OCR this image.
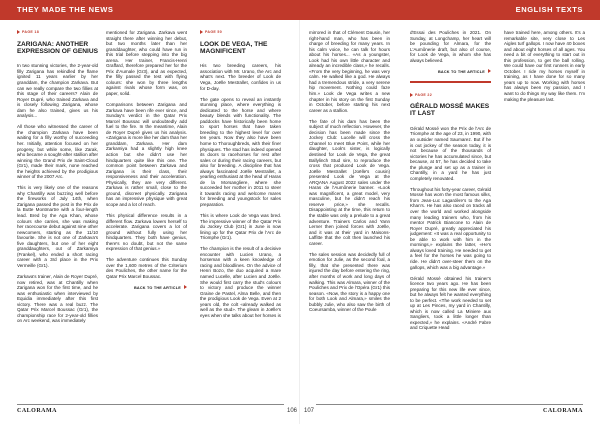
THEY MADE THE NEWS	ENGLISH TEXTS
PAGE 18
ZARIGANA: ANOTHER EXPRESSION OF GENIUS

In two stunning victories, the 2-year-old filly Zarigana has rekindled the flame ignited 11 years earlier by her granddam, the champion Zarkava. But can we really compare the two fillies at this stage of their careers? Alain de Royer Dupré, who trained Zarkava and is closely following Zarigana, whose dam he also trained, gives us his analysis...

All those who witnessed the career of the champion Zarkava have been waiting for a filly worthy of succeeding her. Initially, attention focused on her progeny, but while some, like Zarak, who became a sought-after stallion after winning the Grand Prix de Saint-Cloud (Gr1), made their mark, none reached the heights achieved by the prodigious winner of the 2007 Arc.

This is very likely one of the reasons why Chantilly was buzzing well before the fireworks of July 14th, when Zarigana passed the post in the Prix de la Butte Montmartre with a four-length lead. Bred by the Aga Khan, whose colours she carries, she was making her racecourse debut against nine other newcomers, starting as the 11/10 favourite. She is not one of Zarkava's five daughters, but one of her eight granddaughters, out of Zarkamiya (Frankel), who ended a short racing career with a 3rd place in the Prix Vermeille (Gr1).

Zarkava's trainer, Alain de Royer Dupré, now retired, was at Chantilly when Zarigana won for the first time, and he was enthusiastic when interviewed by Equidia immediately after this first victory. There was a real buzz. The Qatar Prix Marcel Boussac (Gr1), the championship race for 2-year-old fillies on Arc weekend, was immediately

mentioned for Zarigana. Zarkava went straight there after winning her debut, but two months later than her granddaughter, who could have run in this trial before stepping into the big arena. Her trainer, Francis-Henri Graffard, therefore prepared her for the Prix d'Aumale (Gr3), and as expected, the filly passed the test with flying colours: she won by three lengths against rivals whose form was, on paper, solid.

Comparisons between Zarigana and Zarkava have been rife ever since, and Sunday's verdict in the Qatar Prix Marcel Boussac will undoubtedly add fuel to the fire. In the meantime, Alain de Royer Dupré gives us his analysis. «Zarigana is more like her dam than her granddam, Zarkava. Her dam Zarkamiya had a slightly high knee action but she didn't use her hindquarters quite like this one. The common point between Zarkava and Zarigana is their class, their responsiveness and their acceleration. Physically, they are very different. Zarkava is rather small, close to the ground, discreet physically. Zarigana has an impressive physique with great scope and a lot of reach.

This physical difference results in a different flow. Zarkava lowers herself to accelerate. Zarigana covers a lot of ground without fully using her hindquarters. They both have genius, there's no doubt, but not the same expression of that genius.»

The adventure continues this Sunday over the 1,600 metres of the Criterium des Pouliches, the other name for the Qatar Prix Marcel Boussac.

BACK TO THE ARTICLE
PAGE 50
LOOK DE VEGA, THE MAGNIFICENT

His two breeding careers, his association with Mr. Urano, the Arc and what's next. The breeder of Look de Vega, Joëlle Mestrallet, confides in us for D-day.

The gate opens to reveal an instantly stunning place, where everything is dedicated to the horse and where beauty blends with functionality. The paddocks have historically been home to sport horses that have taken breeding to the highest level for over ten years. Now they also have been home to Thoroughbreds, with their finer physiques. The stud has indeed opened its doors to racehorses for rest after sales or during their racing careers, but also for breeding. A discipline that has always fascinated Joëlle Mestrallet, a yearling enthusiast at the head of Haras de la Morsangliere, where she succeeded her mother in 2011 to steer it towards racing and welcome mares for breeding and youngstock for sales preparation.

This is where Look de Vega was bred. The impressive winner of the Qatar Prix du Jockey Club (Gr1) in June is now lining up for the Qatar Prix de l'Arc de Triomphe (Gr1).

The champion is the result of a decisive encounter with Lucien Urano, a horseman with a keen knowledge of racing and bloodlines. On the advice of Henri Bozo, the duo acquired a mare named Lucelle, after Lucien and Joëlle. She would first carry the stud's colours to victory and produce the winner Graine de Pastel, Alma Belle, and then the prodigious Look de Vega. Even at 2 years old, the colt «already walked as well as the stud». The gleam in Joëlle's eyes when she talks about her horses is

mirrored in that of Clément Dausin, her right-hand man, who has been in charge of breeding for many years. In his calm voice, he can talk for hours about his horses... «As a youngster, Look had his own little character and already an incredible class,» he recalls. «From the very beginning, he was very calm. He walked like a god. He always had a tremendous stride, a very serene hip movement. Nothing could faze him.» Look de Vega writes a new chapter in his story on the first Sunday in October, before starting his next career as a stallion.

The fate of his dam has been the subject of much reflection. However, the decision has been made since the Jockey Club: Lucelle will cross the Channel to meet Blue Point, while her daughter, Look's sister, is logically destined for Look de Vega, the great Ballylinch Stud sire, to reproduce the cross that produced Look de Vega. Joëlle Mestrallet (Joëlle's cousin) presented Look de Vega at the ARQANA August 2022 sales under the Haras de l'Aumônerie banner. «Look was magnificent, a great model, very masculine, but he didn't reach his reserve price,» she recalls. Disappointing at the time, this return to the stable was only a prelude to a great adventure. Trainers Carlos and Yann Lerner then joined forces with Joëlle, and it was at their yard in Maisons-Laffitte that the colt then launched his career.

The sales session was decidedly full of emotion for Julie, as the second foal, a filly, that she presented there was injured the day before entering the ring, after months of work and long days of walking. This was Almara, winner of the Pouliches and Prix de l'Opéra (Gr1) this season. «Now, the story is a happy one for both Look and Almara,» smiles the bubbly Julie, who also saw the birth of Coeursamba, winner of the Poule

d'Essai des Pouliches in 2021. On Sunday, at Longchamp, her heart will be pounding for Almara, for the L'Aumônerie draft, but also of course, for Look de Vega, in whom she has always believed.

BACK TO THE ARTICLE
PAGE 22
GÉRALD MOSSÉ MAKES IT LAST

Gérald Mossé won the Prix de l'Arc de Triomphe at the age of 23, in 1990, with an outsider named Saumarez. But if he is out jockey of the season today, it is not because of the thousands of victories he has accumulated since, but because, at 57, he has decided to take the plunge and set up as a trainer in Chantilly, in a yard he has just completely renovated.

Throughout his forty-year career, Gérald Mossé has worn the most famous silks, from Jean-Luc Lagardère's to the Aga Khan's. He has also raced on tracks all over the world and worked alongside many leading trainers who, from his mentor Patrick Biancone to Alain de Royer Dupré, greatly appreciated his judgement: «It was a real opportunity to be able to work with him in the mornings,» explains the latter, «He's always loved training. He needed to get a feel for the horses he was going to ride. He didn't over-steer them on the gallops, which was a big advantage.»

Gérald Mossé obtained his trainer's licence two years ago. He has been preparing for this new life ever since, but he always felt he wanted everything to be perfect. «The work needed to set up at Les Pinces, my yard in Chantilly, which is now called La Miniere aux Sangliers, took a little longer than expected,» he explains. «André Fabre and Criquette Head

have trained here, among others. It's a remarkable site, very close to Les Aigles turf gallops. I now have 40 boxes and about eight horses of all ages. You need a bit of everything to start out in this profession, to get the ball rolling. We could have our first runners in early October. I ride my horses myself in training, as I have done for so many years up to now. Working with horses has always been my passion, and I want to do things my way like them. I'm making the pleasure last.

CALORAMA	106 107	CALORAMA
